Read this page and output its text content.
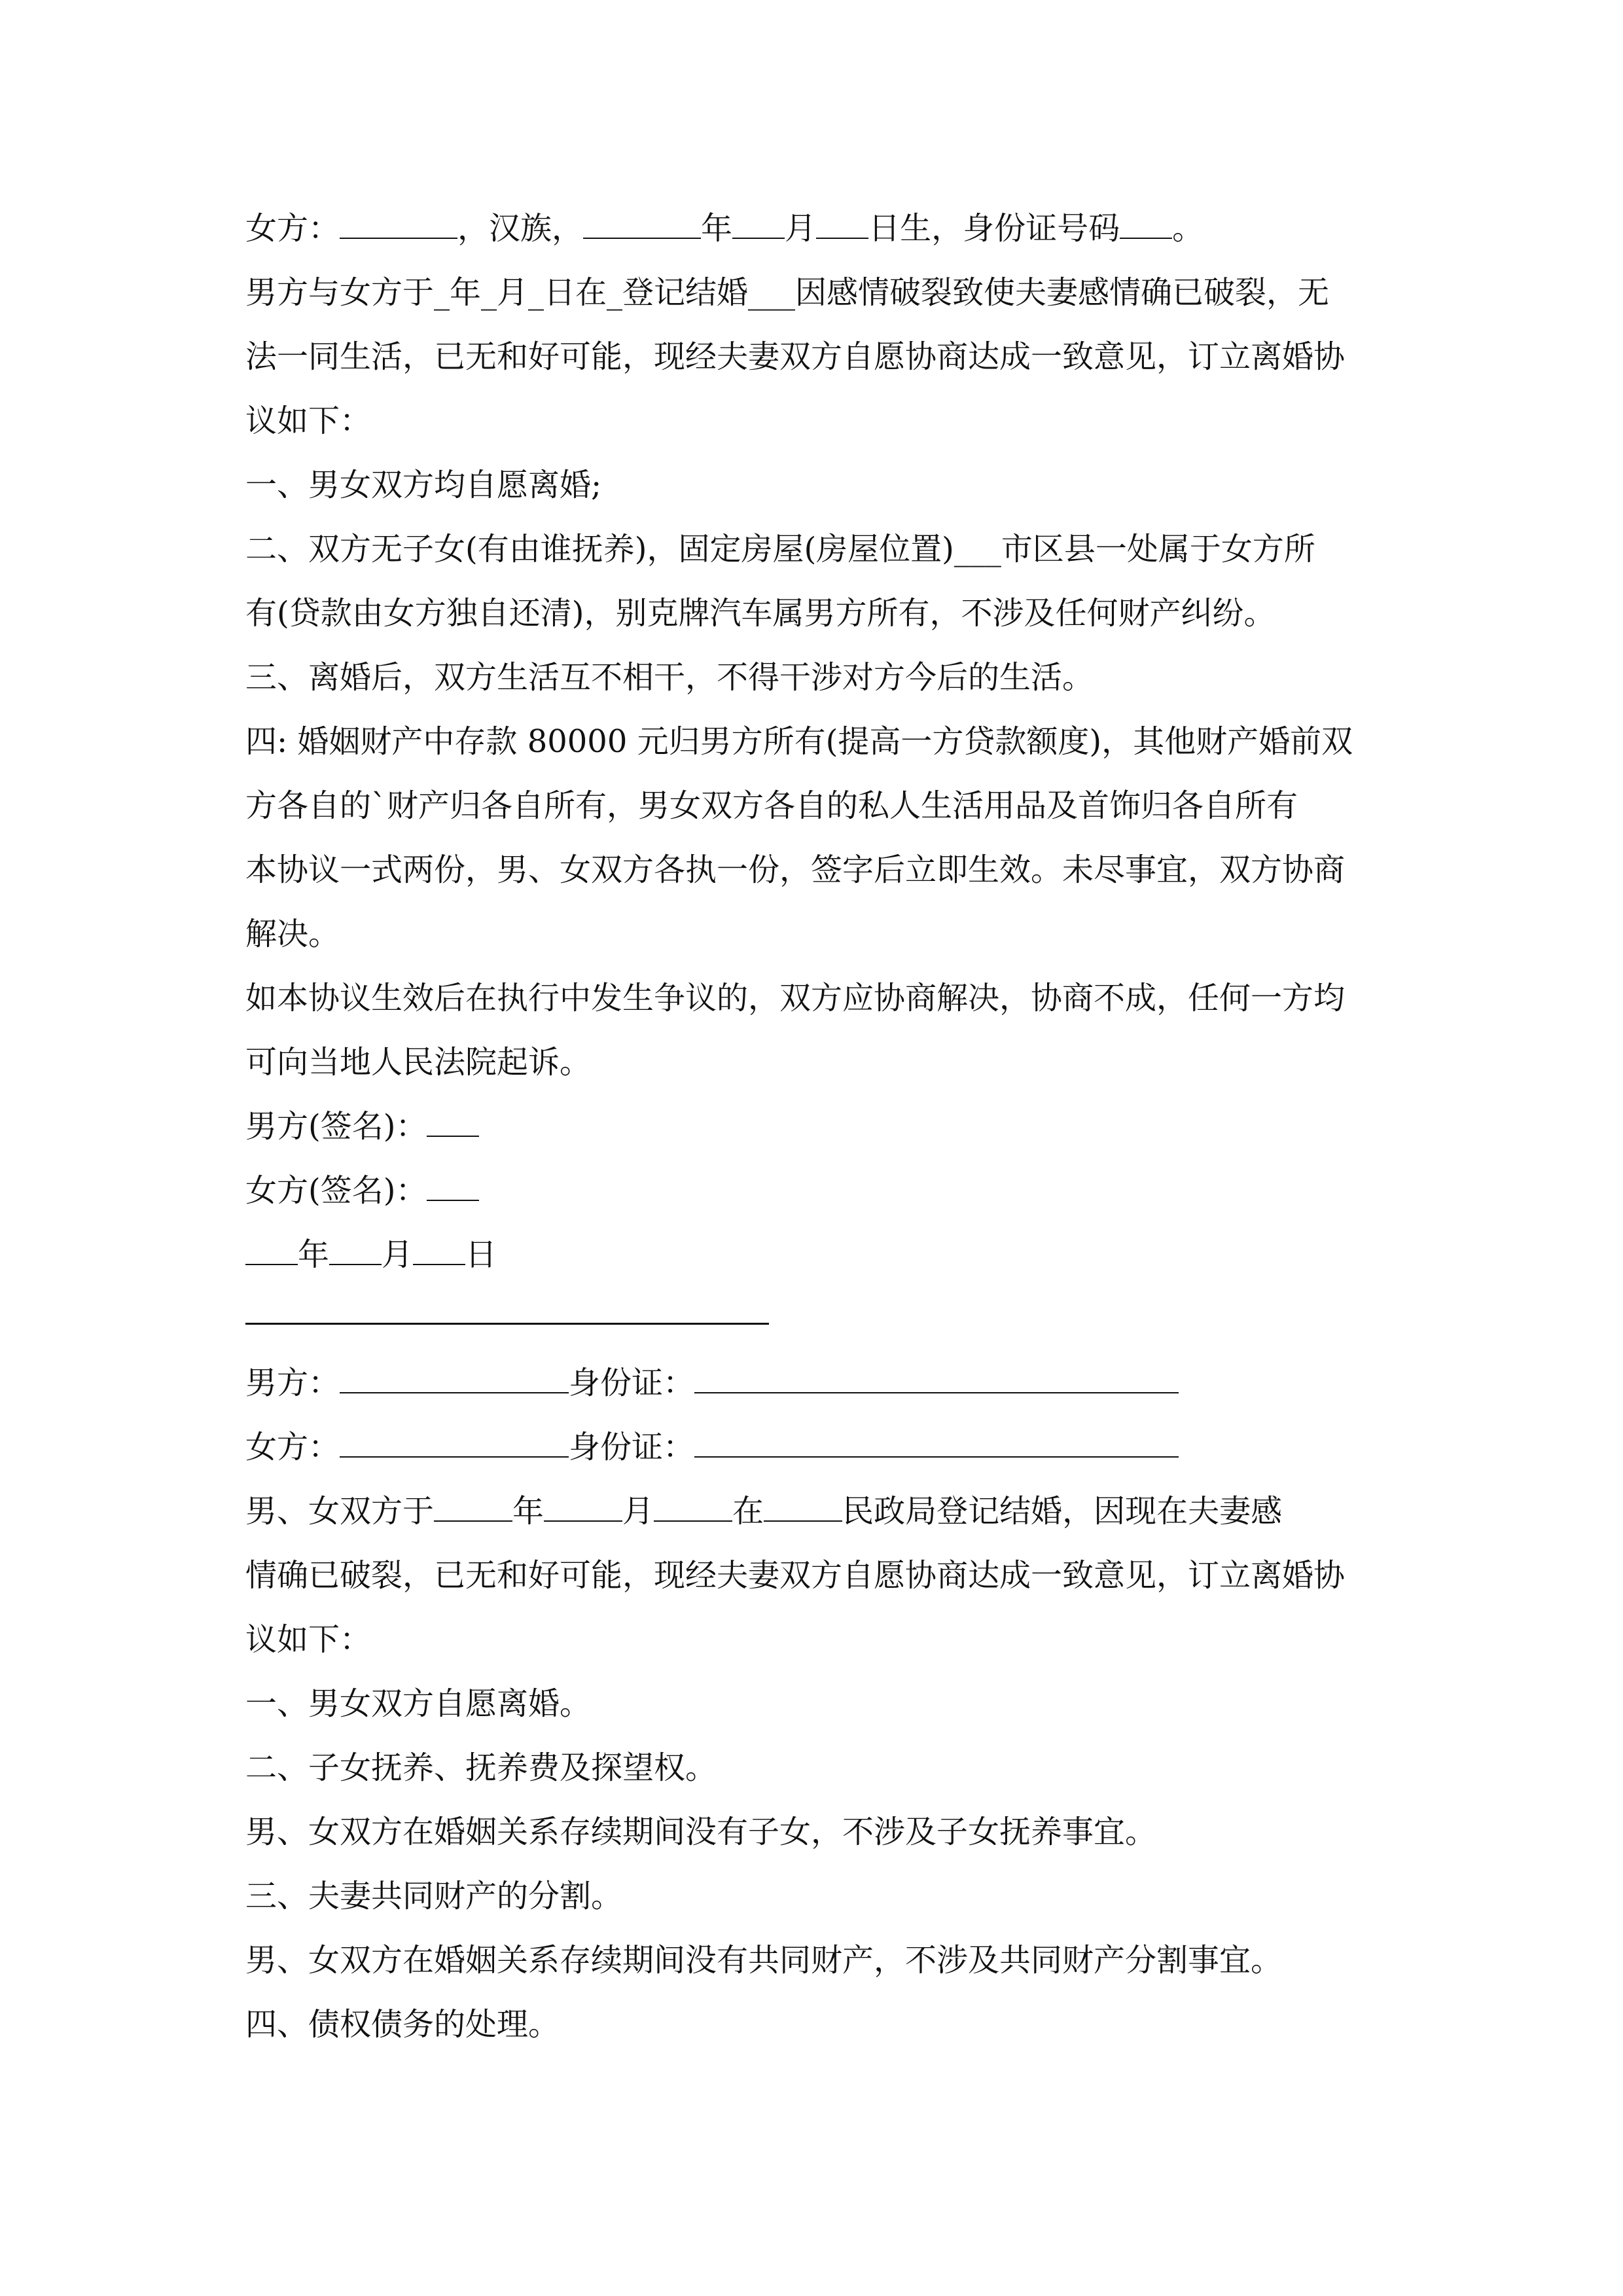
女方：	，汉族，	年 月 日生，身份证号码 。
男方与女方于_年_月_日在_登记结婚___因感情破裂致使夫妻感情确已破裂，无
法一同生活，已无和好可能，现经夫妻双方自愿协商达成一致意见，订立离婚协
议如下：
一、男女双方均自愿离婚;
二、双方无子女(有由谁抚养)，固定房屋(房屋位置)___市区县一处属于女方所
有(贷款由女方独自还清)，别克牌汽车属男方所有，不涉及任何财产纠纷。
三、离婚后，双方生活互不相干，不得干涉对方今后的生活。
四: 婚姻财产中存款 80000 元归男方所有(提高一方贷款额度)，其他财产婚前双
方各自的`财产归各自所有，男女双方各自的私人生活用品及首饰归各自所有
本协议一式两份，男、女双方各执一份，签字后立即生效。未尽事宜，双方协商
解决。
如本协议生效后在执行中发生争议的，双方应协商解决，协商不成，任何一方均
可向当地人民法院起诉。
男方(签名)：
女方(签名)：
年 月 日
男方：	身份证：
女方：	身份证：
男、女双方于	年	月	在	民政局登记结婚，因现在夫妻感
情确已破裂，已无和好可能，现经夫妻双方自愿协商达成一致意见，订立离婚协
议如下：
一、男女双方自愿离婚。
二、子女抚养、抚养费及探望权。
男、女双方在婚姻关系存续期间没有子女，不涉及子女抚养事宜。
三、夫妻共同财产的分割。
男、女双方在婚姻关系存续期间没有共同财产，不涉及共同财产分割事宜。
四、债权债务的处理。
